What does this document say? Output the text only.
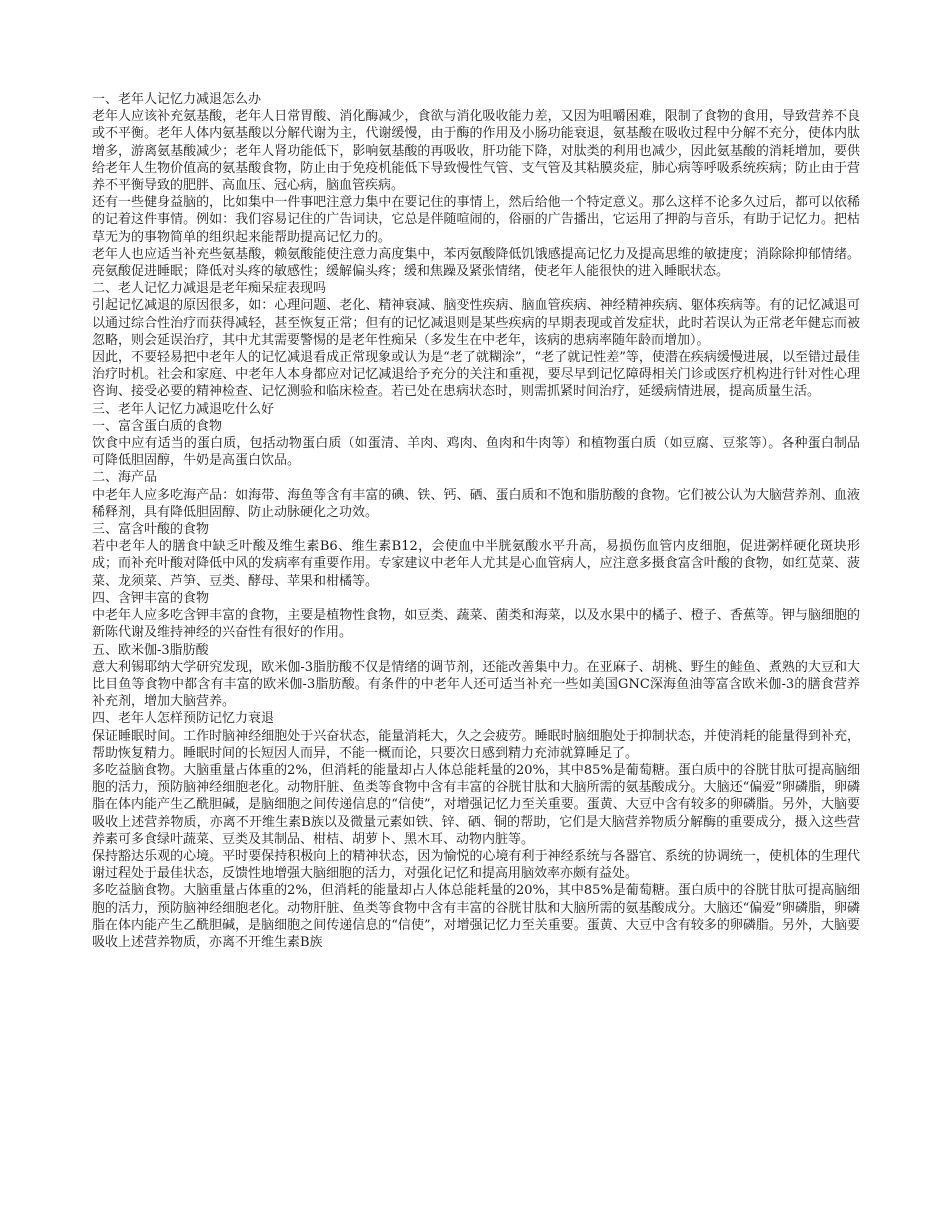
一、老年人记忆力减退怎么办

老年人应该补充氨基酸，老年人日常胃酸、消化酶减少，食欲与消化吸收能力差，又因为咀嚼困难，限制了食物的食用，导致营养不良或不平衡。老年人体内氨基酸以分解代谢为主，代谢缓慢，由于酶的作用及小肠功能衰退，氨基酸在吸收过程中分解不充分，使体内肽增多，游离氨基酸减少；老年人肾功能低下，影响氨基酸的再吸收，肝功能下降，对肽类的利用也减少，因此氨基酸的消耗增加，要供给老年人生物价值高的氨基酸食物，防止由于免疫机能低下导致慢性气管、支气管及其粘膜炎症，肺心病等呼吸系统疾病；防止由于营养不平衡导致的肥胖、高血压、冠心病，脑血管疾病。

还有一些健身益脑的，比如集中一件事吧注意力集中在要记住的事情上，然后给他一个特定意义。那么这样不论多久过后，都可以依稀的记着这件事情。例如：我们容易记住的广告词诀，它总是伴随喧闹的，俗丽的广告播出，它运用了押韵与音乐，有助于记忆力。把枯草无为的事物简单的组织起来能帮助提高记忆力的。

老年人也应适当补充些氨基酸，赖氨酸能使注意力高度集中，苯丙氨酸降低饥饿感提高记忆力及提高思维的敏捷度；消除除抑郁情绪。亮氨酸促进睡眠；降低对头疼的敏感性；缓解偏头疼；缓和焦躁及紧张情绪，使老年人能很快的进入睡眠状态。

二、老人记忆力减退是老年痴呆症表现吗

引起记忆减退的原因很多，如：心理问题、老化、精神衰减、脑变性疾病、脑血管疾病、神经精神疾病、躯体疾病等。有的记忆减退可以通过综合性治疗而获得减轻，甚至恢复正常；但有的记忆减退则是某些疾病的早期表现或首发症状，此时若误认为正常老年健忘而被忽略，则会延误治疗，其中尤其需要警惕的是老年性痴呆（多发生在中老年，该病的患病率随年龄而增加）。

因此，不要轻易把中老年人的记忆减退看成正常现象或认为是“老了就糊涂”，“老了就记性差”等，使潜在疾病缓慢进展，以至错过最佳治疗时机。社会和家庭、中老年人本身都应对记忆减退给予充分的关注和重视，要尽早到记忆障碍相关门诊或医疗机构进行针对性心理咨询、接受必要的精神检查、记忆测验和临床检查。若已处在患病状态时，则需抓紧时间治疗，延缓病情进展，提高质量生活。

三、老年人记忆力减退吃什么好

一、富含蛋白质的食物

饮食中应有适当的蛋白质，包括动物蛋白质（如蛋清、羊肉、鸡肉、鱼肉和牛肉等）和植物蛋白质（如豆腐、豆浆等）。各种蛋白制品可降低胆固醇，牛奶是高蛋白饮品。

二、海产品

中老年人应多吃海产品：如海带、海鱼等含有丰富的碘、铁、钙、硒、蛋白质和不饱和脂肪酸的食物。它们被公认为大脑营养剂、血液稀释剂，具有降低胆固醇、防止动脉硬化之功效。

三、富含叶酸的食物

若中老年人的膳食中缺乏叶酸及维生素B6、维生素B12，会使血中半胱氨酸水平升高，易损伤血管内皮细胞，促进粥样硬化斑块形成；而补充叶酸对降低中风的发病率有重要作用。专家建议中老年人尤其是心血管病人，应注意多摄食富含叶酸的食物，如红苋菜、菠菜、龙须菜、芦笋、豆类、酵母、苹果和柑橘等。

四、含钾丰富的食物

中老年人应多吃含钾丰富的食物，主要是植物性食物，如豆类、蔬菜、菌类和海菜，以及水果中的橘子、橙子、香蕉等。钾与脑细胞的新陈代谢及维持神经的兴奋性有很好的作用。

五、欧米伽-3脂肪酸

意大利锡耶纳大学研究发现，欧米伽-3脂肪酸不仅是情绪的调节剂，还能改善集中力。在亚麻子、胡桃、野生的鲑鱼、煮熟的大豆和大比目鱼等食物中都含有丰富的欧米伽-3脂肪酸。有条件的中老年人还可适当补充一些如美国GNC深海鱼油等富含欧米伽-3的膳食营养补充剂，增加大脑营养。

四、老年人怎样预防记忆力衰退

保证睡眠时间。工作时脑神经细胞处于兴奋状态，能量消耗大，久之会疲劳。睡眠时脑细胞处于抑制状态，并使消耗的能量得到补充，帮助恢复精力。睡眠时间的长短因人而异，不能一概而论，只要次日感到精力充沛就算睡足了。

多吃益脑食物。大脑重量占体重的2%，但消耗的能量却占人体总能耗量的20%，其中85%是葡萄糖。蛋白质中的谷胱甘肽可提高脑细胞的活力，预防脑神经细胞老化。动物肝脏、鱼类等食物中含有丰富的谷胱甘肽和大脑所需的氨基酸成分。大脑还“偏爱”卵磷脂，卵磷脂在体内能产生乙酰胆碱，是脑细胞之间传递信息的“信使”，对增强记忆力至关重要。蛋黄、大豆中含有较多的卵磷脂。另外，大脑要吸收上述营养物质，亦离不开维生素B族以及微量元素如铁、锌、硒、铜的帮助，它们是大脑营养物质分解酶的重要成分，摄入这些营养素可多食绿叶蔬菜、豆类及其制品、柑桔、胡萝卜、黑木耳、动物内脏等。

保持豁达乐观的心境。平时要保持积极向上的精神状态，因为愉悦的心境有利于神经系统与各器官、系统的协调统一，使机体的生理代谢过程处于最佳状态，反馈性地增强大脑细胞的活力，对强化记忆和提高用脑效率亦颇有益处。

多吃益脑食物。大脑重量占体重的2%，但消耗的能量却占人体总能耗量的20%，其中85%是葡萄糖。蛋白质中的谷胱甘肽可提高脑细胞的活力，预防脑神经细胞老化。动物肝脏、鱼类等食物中含有丰富的谷胱甘肽和大脑所需的氨基酸成分。大脑还“偏爱”卵磷脂，卵磷脂在体内能产生乙酰胆碱，是脑细胞之间传递信息的“信使”，对增强记忆力至关重要。蛋黄、大豆中含有较多的卵磷脂。另外，大脑要吸收上述营养物质，亦离不开维生素B族
